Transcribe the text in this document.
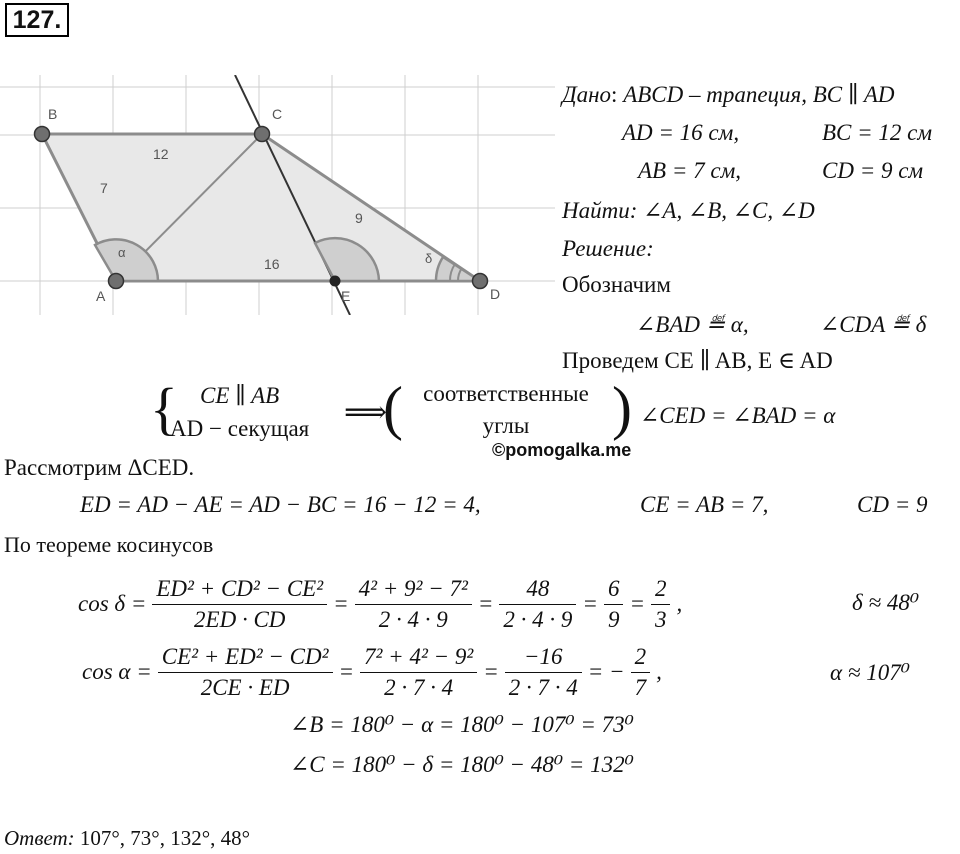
127.
B	C
A	E	D
12
7
16
9
α	δ
Дано: ABCD – трапеция, BC ∥ AD
AD = 16 см,	BC = 12 см
AB = 7 см,	CD = 9 см
Найти: ∠A, ∠B, ∠C, ∠D
Решение:
Обозначим
∠BAD ≝ α,	∠CDA ≝ δ
Проведем CE ∥ AB, E ∈ AD
{ CE ∥ AB
AD − секущая ⟹
( соответственные
углы	) ∠CED = ∠BAD = α
©pomogalka.me
Рассмотрим ΔCED.
ED = AD − AE = AD − BC = 16 − 12 = 4,	CE = AB = 7,	CD = 9
По теореме косинусов
$\cos \delta = \frac{\text{ED² + CD² − CE²}}{2ED \cdot CD} = \frac{\text{4² + 9² − 7²}}{2 \cdot 4 \cdot 9} = \frac{48}{2 \cdot 4 \cdot 9} = \frac{6}{9} = \frac{2}{3}$ ,	δ ≈ 48⁰
$\cos \alpha = \frac{\text{CE² + ED² − CD²}}{2CE \cdot ED} = \frac{\text{7² + 4² − 9²}}{2 \cdot 7 \cdot 4} = \frac{-16}{2 \cdot 7 \cdot 4}$ = − $\frac{2}{7}$ ,	α ≈ 107⁰
∠B = 180⁰ − α = 180⁰ − 107⁰ = 73⁰
∠C = 180⁰ − δ = 180⁰ − 48⁰ = 132⁰
Ответ: 107°, 73°, 132°, 48°
